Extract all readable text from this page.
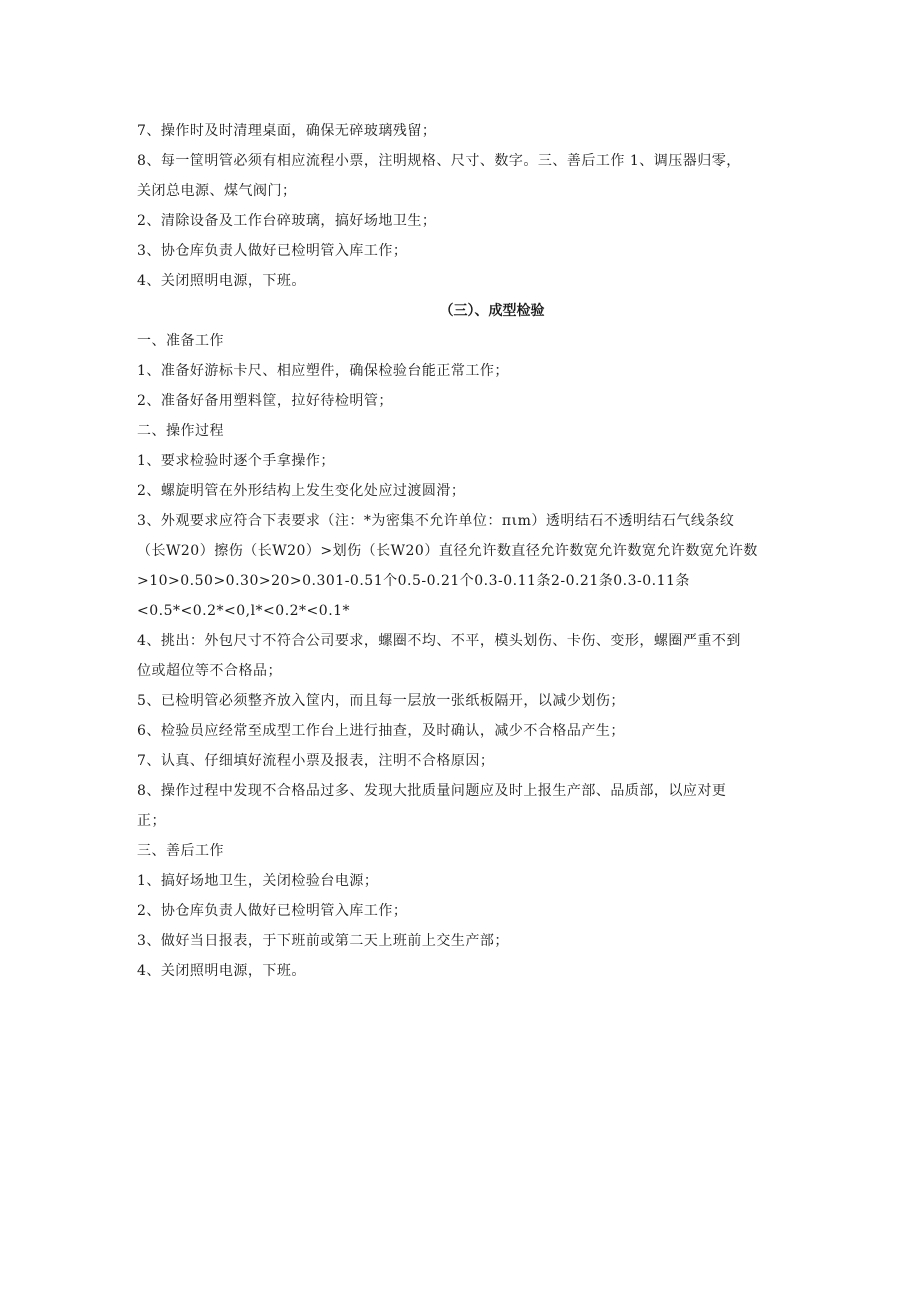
7、操作时及时清理桌面，确保无碎玻璃残留；
8、每一筐明管必须有相应流程小票，注明规格、尺寸、数字。三、善后工作 1、调压器归零，
关闭总电源、煤气阀门；
2、清除设备及工作台碎玻璃，搞好场地卫生；
3、协仓库负责人做好已检明管入库工作；
4、关闭照明电源，下班。
（三）、成型检验
一、准备工作
1、准备好游标卡尺、相应塑件，确保检验台能正常工作；
2、准备好备用塑料筐，拉好待检明管；
二、操作过程
1、要求检验时逐个手拿操作；
2、螺旋明管在外形结构上发生变化处应过渡圆滑；
3、外观要求应符合下表要求（注：*为密集不允许单位：πιm）透明结石不透明结石气线条纹
（长W20）擦伤（长W20）>划伤（长W20）直径允许数直径允许数宽允许数宽允许数宽允许数
>10>0.50>0.30>20>0.301-0.51个0.5-0.21个0.3-0.11条2-0.21条0.3-0.11条
<0.5*<0.2*<0,l*<0.2*<0.1*
4、挑出：外包尺寸不符合公司要求，螺圈不均、不平，模头划伤、卡伤、变形，螺圈严重不到
位或超位等不合格品；
5、已检明管必须整齐放入筐内，而且每一层放一张纸板隔开，以减少划伤；
6、检验员应经常至成型工作台上进行抽查，及时确认，减少不合格品产生；
7、认真、仔细填好流程小票及报表，注明不合格原因；
8、操作过程中发现不合格品过多、发现大批质量问题应及时上报生产部、品质部，以应对更
正；
三、善后工作
1、搞好场地卫生，关闭检验台电源；
2、协仓库负责人做好已检明管入库工作；
3、做好当日报表，于下班前或第二天上班前上交生产部；
4、关闭照明电源，下班。
